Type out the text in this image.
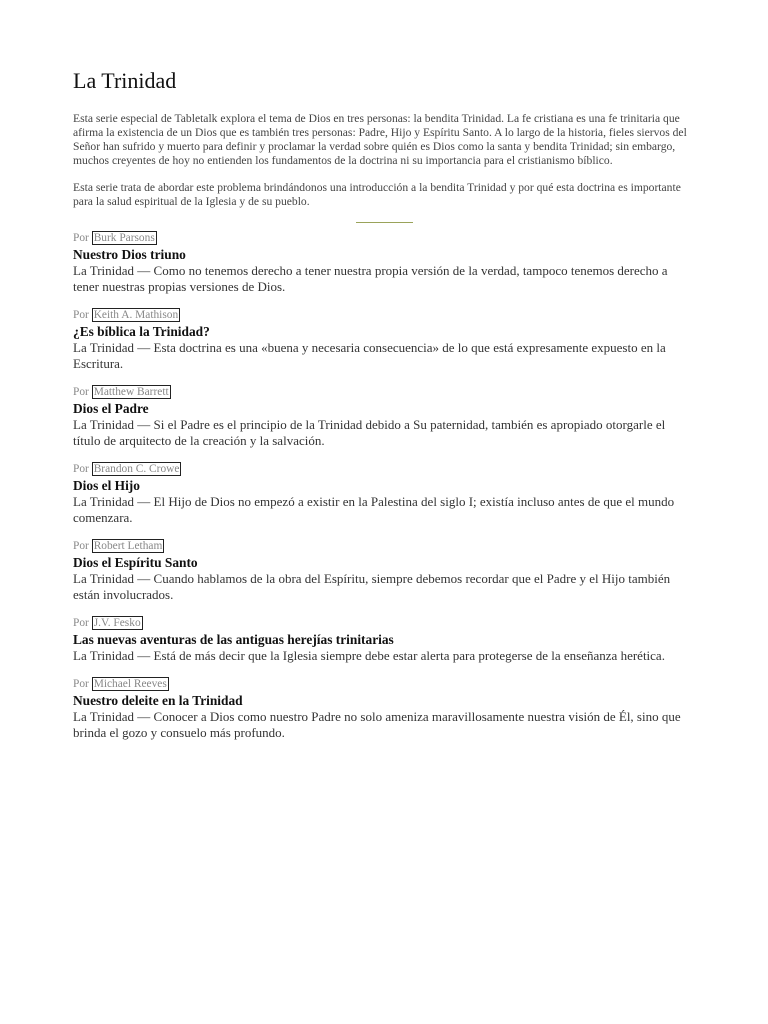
La Trinidad

Esta serie especial de Tabletalk explora el tema de Dios en tres personas: la bendita Trinidad. La fe cristiana es una fe trinitaria que afirma la existencia de un Dios que es también tres personas: Padre, Hijo y Espíritu Santo. A lo largo de la historia, fieles siervos del Señor han sufrido y muerto para definir y proclamar la verdad sobre quién es Dios como la santa y bendita Trinidad; sin embargo, muchos creyentes de hoy no entienden los fundamentos de la doctrina ni su importancia para el cristianismo bíblico.

Esta serie trata de abordar este problema brindándonos una introducción a la bendita Trinidad y por qué esta doctrina es importante para la salud espiritual de la Iglesia y de su pueblo.

Por Burk Parsons
Nuestro Dios triuno
La Trinidad — Como no tenemos derecho a tener nuestra propia versión de la verdad, tampoco tenemos derecho a tener nuestras propias versiones de Dios.
Por Keith A. Mathison
¿Es bíblica la Trinidad?
La Trinidad — Esta doctrina es una «buena y necesaria consecuencia» de lo que está expresamente expuesto en la Escritura.
Por Matthew Barrett
Dios el Padre
La Trinidad — Si el Padre es el principio de la Trinidad debido a Su paternidad, también es apropiado otorgarle el título de arquitecto de la creación y la salvación.
Por Brandon C. Crowe
Dios el Hijo
La Trinidad — El Hijo de Dios no empezó a existir en la Palestina del siglo I; existía incluso antes de que el mundo comenzara.
Por Robert Letham
Dios el Espíritu Santo
La Trinidad — Cuando hablamos de la obra del Espíritu, siempre debemos recordar que el Padre y el Hijo también están involucrados.
Por J.V. Fesko
Las nuevas aventuras de las antiguas herejías trinitarias
La Trinidad — Está de más decir que la Iglesia siempre debe estar alerta para protegerse de la enseñanza herética.
Por Michael Reeves
Nuestro deleite en la Trinidad
La Trinidad — Conocer a Dios como nuestro Padre no solo ameniza maravillosamente nuestra visión de Él, sino que brinda el gozo y consuelo más profundo.
